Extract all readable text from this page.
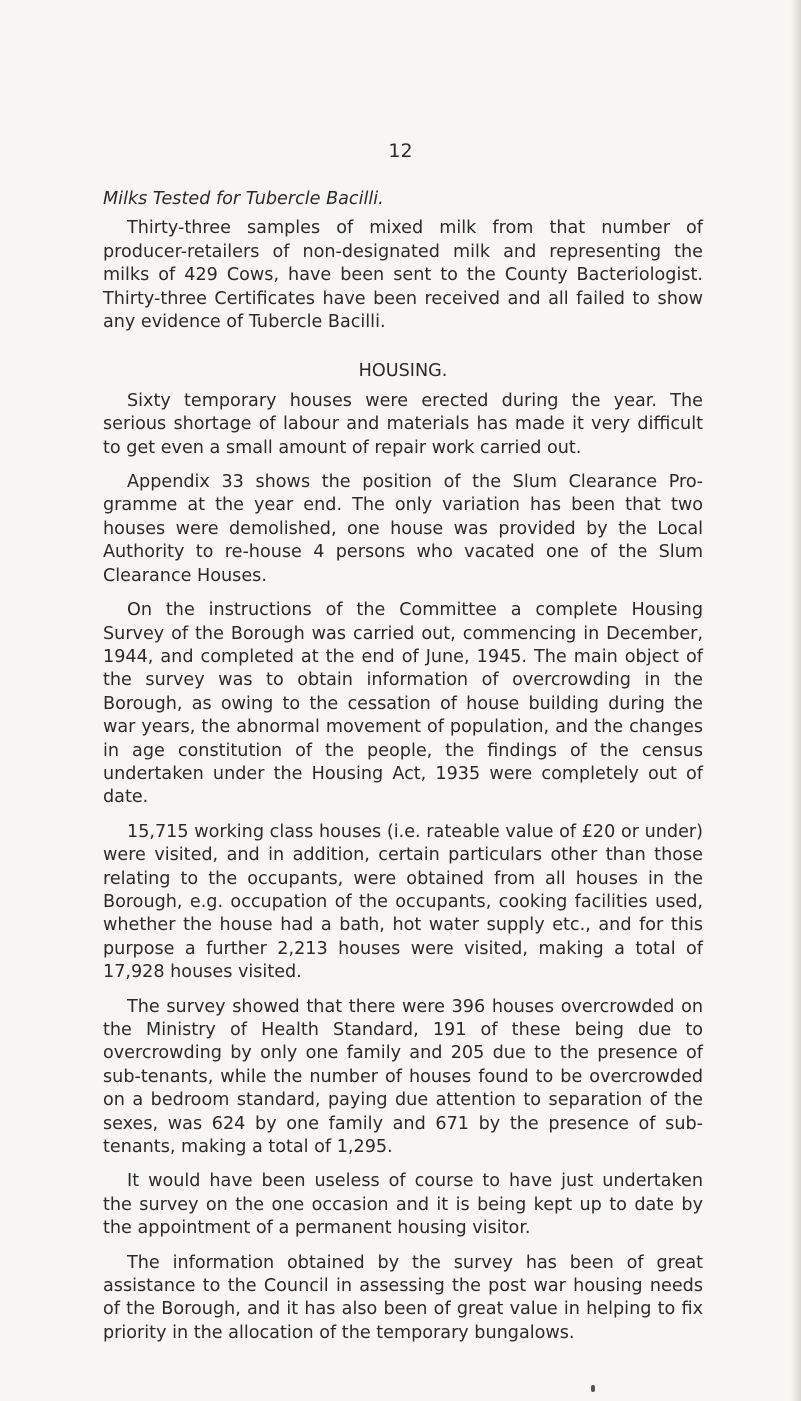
12
Milks Tested for Tubercle Bacilli.

Thirty-three samples of mixed milk from that number of producer-retailers of non-designated milk and representing the milks of 429 Cows, have been sent to the County Bacteriologist. Thirty-three Certificates have been received and all failed to show any evidence of Tubercle Bacilli.

HOUSING.

Sixty temporary houses were erected during the year. The serious shortage of labour and materials has made it very difficult to get even a small amount of repair work carried out.

Appendix 33 shows the position of the Slum Clearance Programme at the year end. The only variation has been that two houses were demolished, one house was provided by the Local Authority to re-house 4 persons who vacated one of the Slum Clearance Houses.

On the instructions of the Committee a complete Housing Survey of the Borough was carried out, commencing in December, 1944, and completed at the end of June, 1945. The main object of the survey was to obtain information of overcrowding in the Borough, as owing to the cessation of house building during the war years, the abnormal movement of population, and the changes in age constitution of the people, the findings of the census undertaken under the Housing Act, 1935 were completely out of date.

15,715 working class houses (i.e. rateable value of £20 or under) were visited, and in addition, certain particulars other than those relating to the occupants, were obtained from all houses in the Borough, e.g. occupation of the occupants, cooking facilities used, whether the house had a bath, hot water supply etc., and for this purpose a further 2,213 houses were visited, making a total of 17,928 houses visited.

The survey showed that there were 396 houses overcrowded on the Ministry of Health Standard, 191 of these being due to overcrowding by only one family and 205 due to the presence of sub-tenants, while the number of houses found to be overcrowded on a bedroom standard, paying due attention to separation of the sexes, was 624 by one family and 671 by the presence of sub-tenants, making a total of 1,295.

It would have been useless of course to have just undertaken the survey on the one occasion and it is being kept up to date by the appointment of a permanent housing visitor.

The information obtained by the survey has been of great assistance to the Council in assessing the post war housing needs of the Borough, and it has also been of great value in helping to fix priority in the allocation of the temporary bungalows.
